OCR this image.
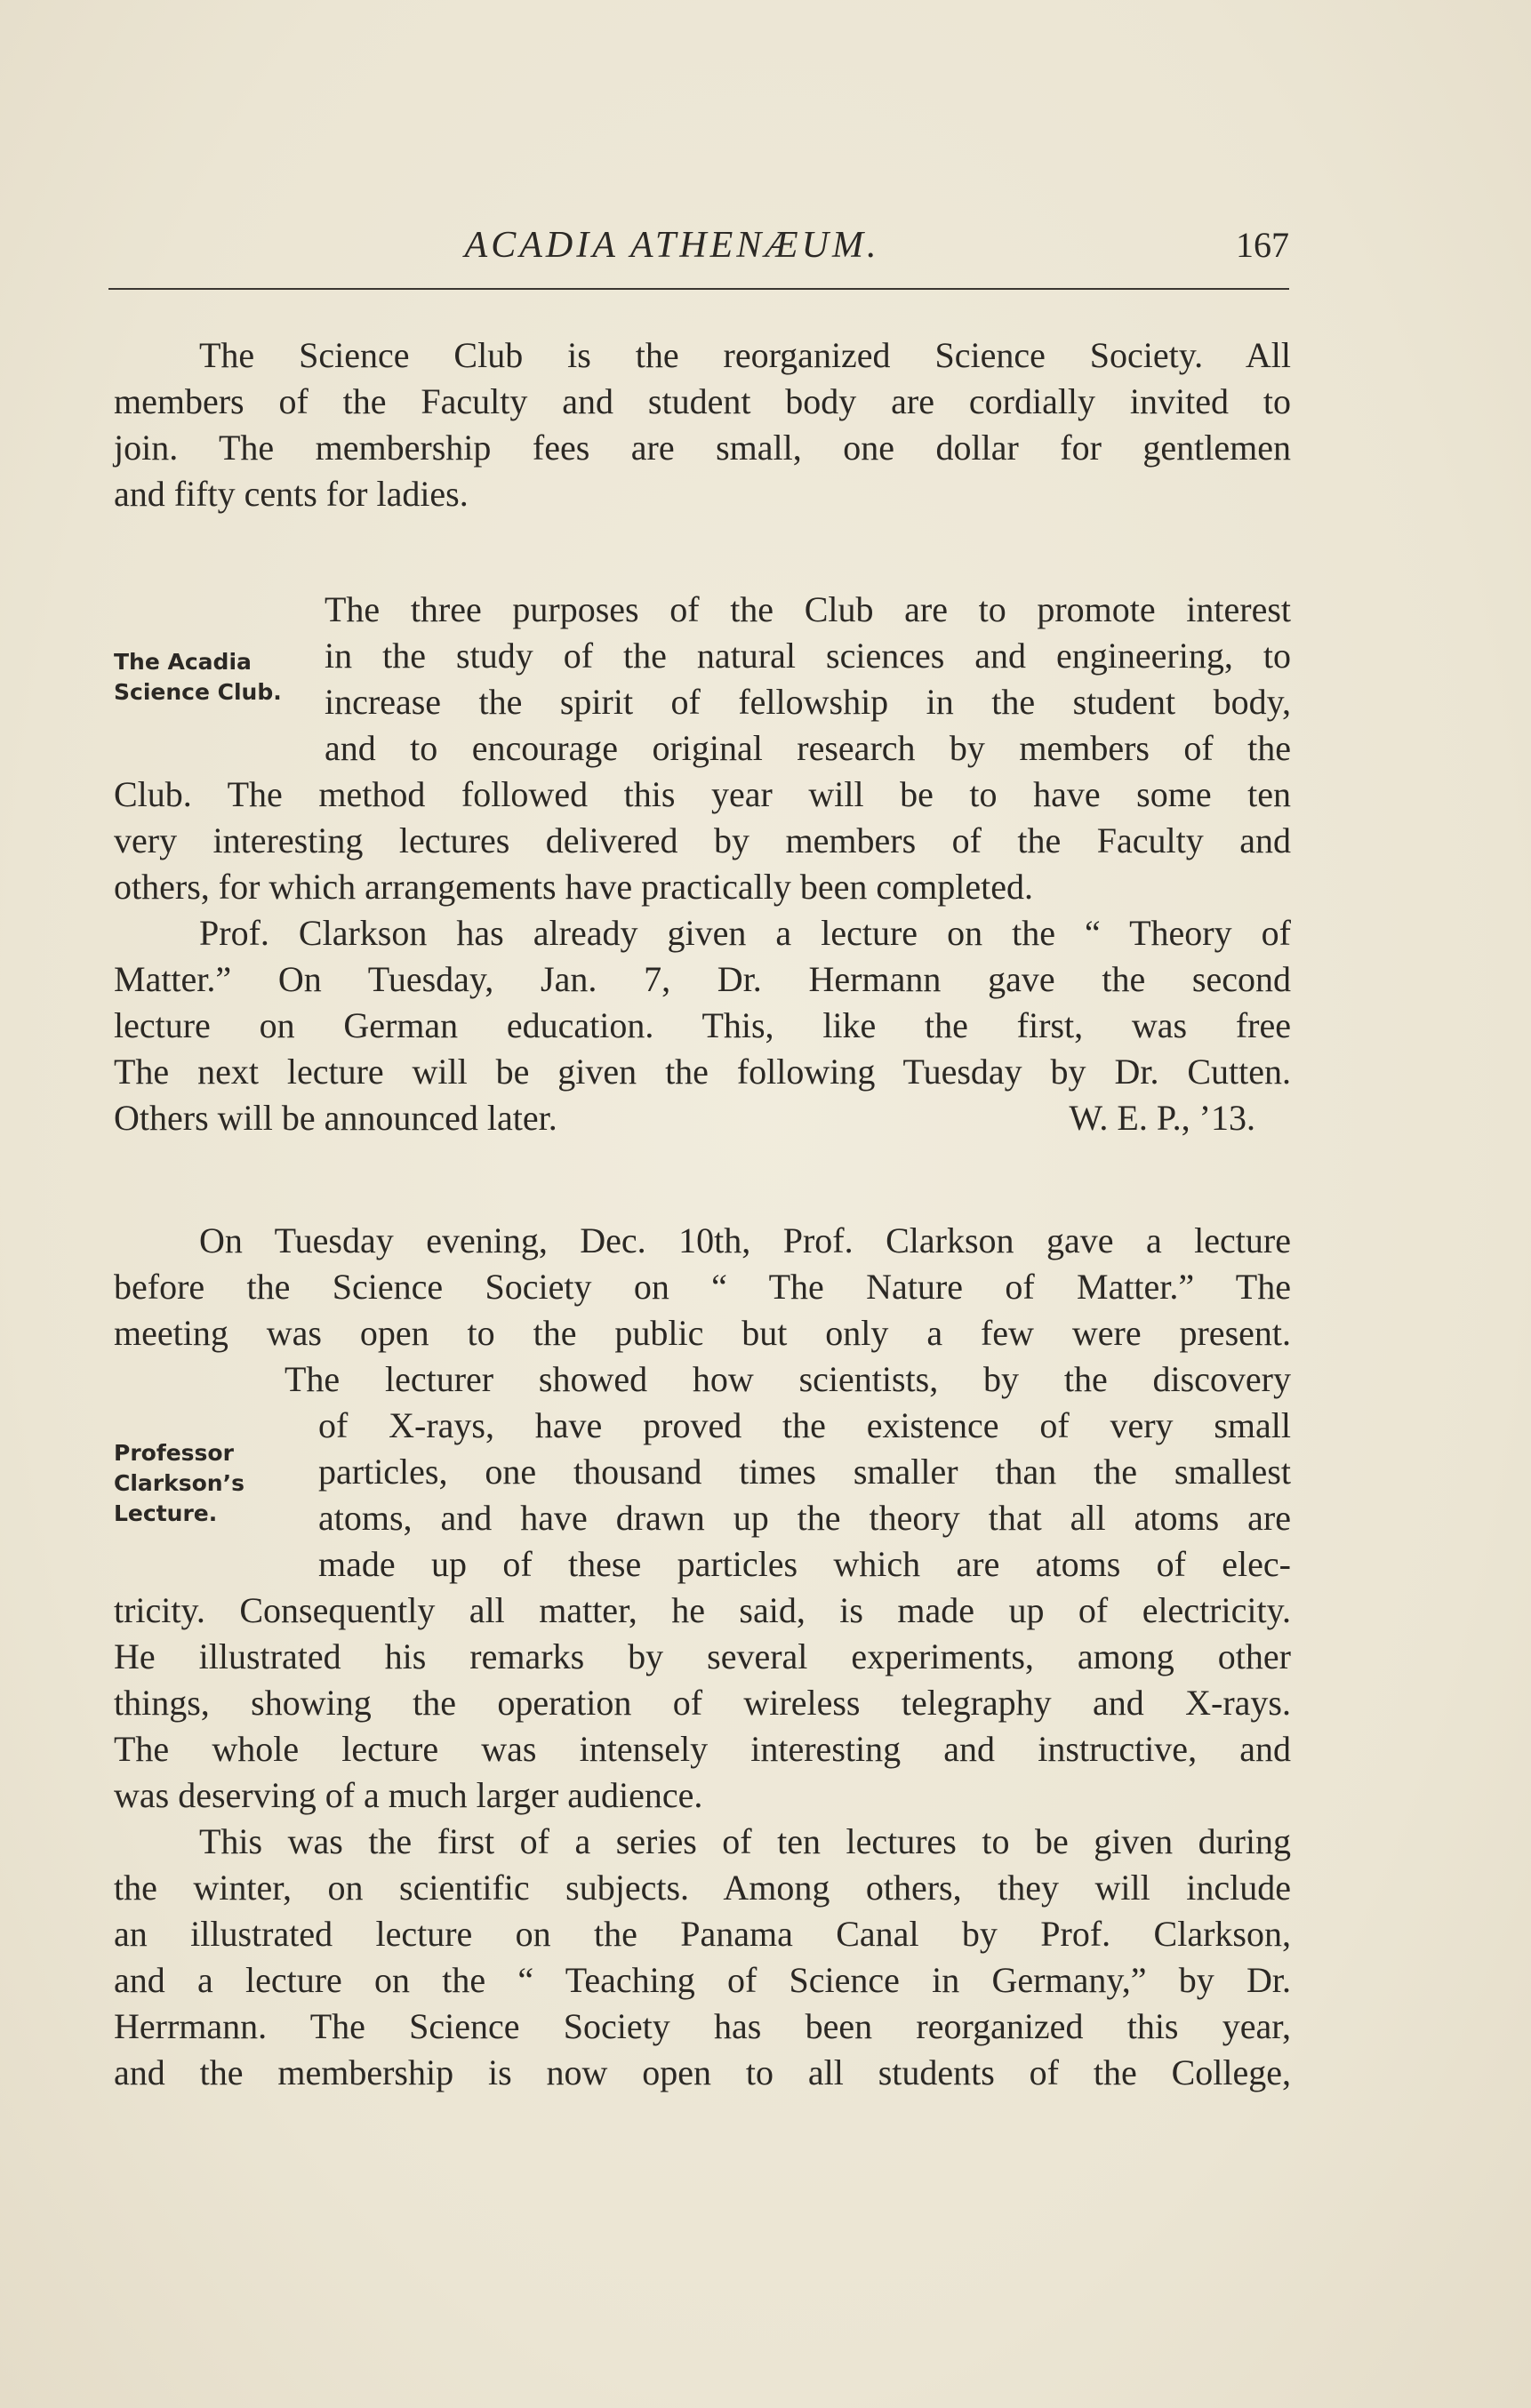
ACADIA ATHENÆUM.	167
The Science Club is the reorganized Science Society. All
members of the Faculty and student body are cordially invited to
join. The membership fees are small, one dollar for gentlemen
and fifty cents for ladies.
The Acadia
Science Club.
The three purposes of the Club are to promote interest
in the study of the natural sciences and engineering, to
increase the spirit of fellowship in the student body,
and to encourage original research by members of the
Club. The method followed this year will be to have some ten
very interesting lectures delivered by members of the Faculty and
others, for which arrangements have practically been completed.
Prof. Clarkson has already given a lecture on the “ Theory of
Matter.” On Tuesday, Jan. 7, Dr. Hermann gave the second
lecture on German education. This, like the first, was free
The next lecture will be given the following Tuesday by Dr. Cutten.
Others will be announced later.	W. E. P., ’13.
Professor
Clarkson’s
Lecture.
On Tuesday evening, Dec. 10th, Prof. Clarkson gave a lecture
before the Science Society on “ The Nature of Matter.” The
meeting was open to the public but only a few were present.
The lecturer showed how scientists, by the discovery
of X-rays, have proved the existence of very small
particles, one thousand times smaller than the smallest
atoms, and have drawn up the theory that all atoms are
made up of these particles which are atoms of elec-
tricity. Consequently all matter, he said, is made up of electricity.
He illustrated his remarks by several experiments, among other
things, showing the operation of wireless telegraphy and X-rays.
The whole lecture was intensely interesting and instructive, and
was deserving of a much larger audience.
This was the first of a series of ten lectures to be given during
the winter, on scientific subjects. Among others, they will include
an illustrated lecture on the Panama Canal by Prof. Clarkson,
and a lecture on the “ Teaching of Science in Germany,” by Dr.
Herrmann. The Science Society has been reorganized this year,
and the membership is now open to all students of the College,
